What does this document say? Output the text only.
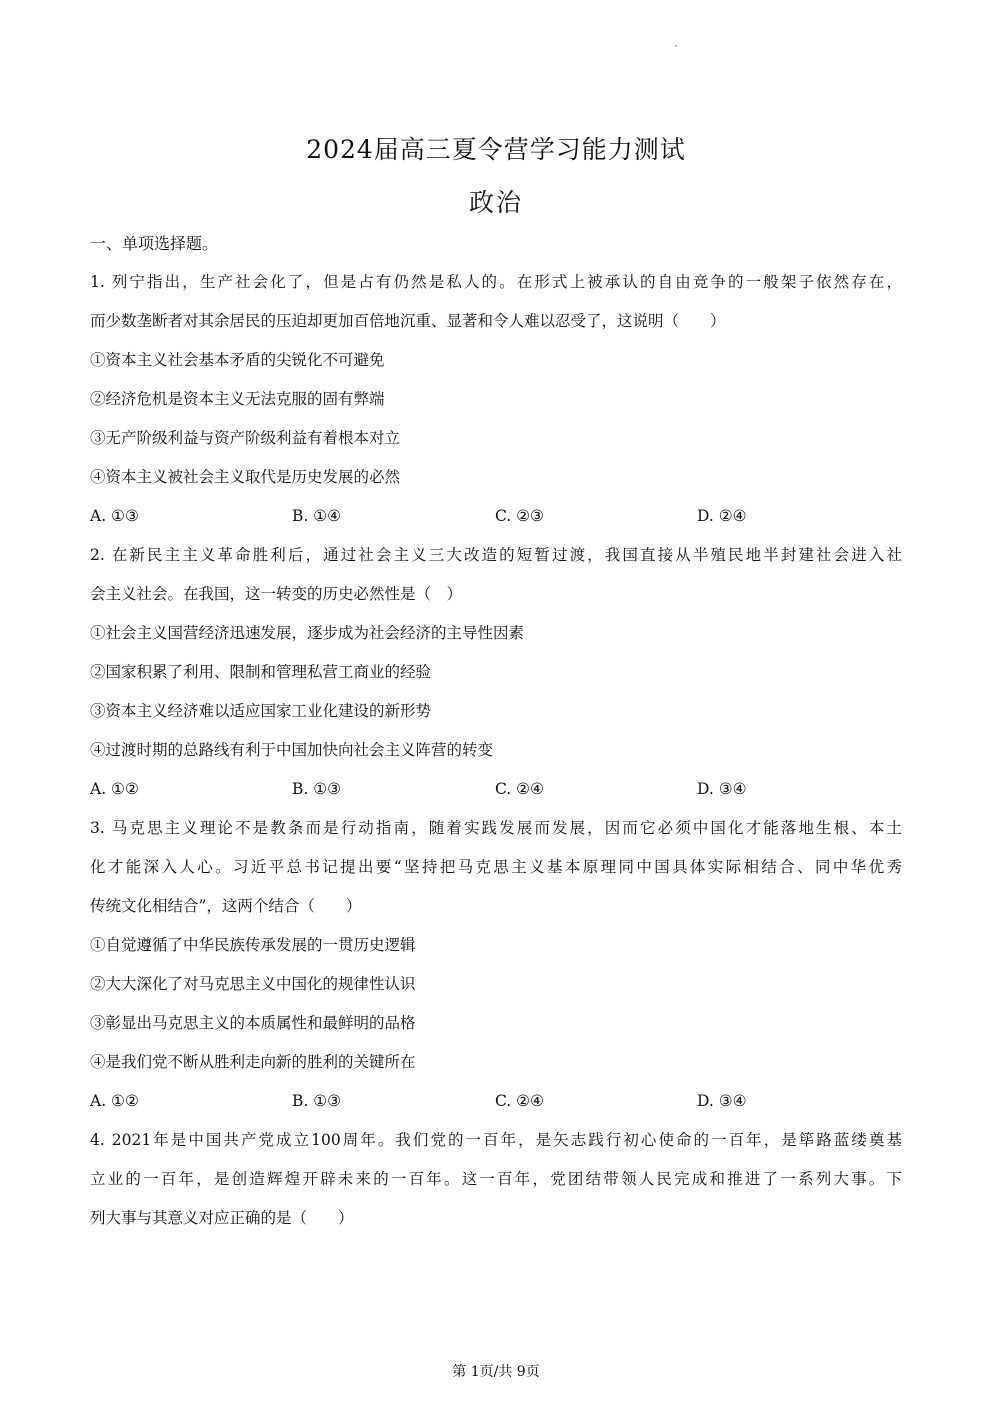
2024届高三夏令营学习能力测试
政治
一、单项选择题。
1. 列宁指出，生产社会化了，但是占有仍然是私人的。在形式上被承认的自由竞争的一般架子依然存在，
而少数垄断者对其余居民的压迫却更加百倍地沉重、显著和令人难以忍受了，这说明（　　）
①资本主义社会基本矛盾的尖锐化不可避免
②经济危机是资本主义无法克服的固有弊端
③无产阶级利益与资产阶级利益有着根本对立
④资本主义被社会主义取代是历史发展的必然
A. ①③	B. ①④	C. ②③	D. ②④
2. 在新民主主义革命胜利后，通过社会主义三大改造的短暂过渡，我国直接从半殖民地半封建社会进入社
会主义社会。在我国，这一转变的历史必然性是（　）
①社会主义国营经济迅速发展，逐步成为社会经济的主导性因素
②国家积累了利用、限制和管理私营工商业的经验
③资本主义经济难以适应国家工业化建设的新形势
④过渡时期的总路线有利于中国加快向社会主义阵营的转变
A. ①②	B. ①③	C. ②④	D. ③④
3. 马克思主义理论不是教条而是行动指南，随着实践发展而发展，因而它必须中国化才能落地生根、本土
化才能深入人心。习近平总书记提出要“坚持把马克思主义基本原理同中国具体实际相结合、同中华优秀
传统文化相结合”，这两个结合（　　）
①自觉遵循了中华民族传承发展的一贯历史逻辑
②大大深化了对马克思主义中国化的规律性认识
③彰显出马克思主义的本质属性和最鲜明的品格
④是我们党不断从胜利走向新的胜利的关键所在
A. ①②	B. ①③	C. ②④	D. ③④
4. 2021年是中国共产党成立100周年。我们党的一百年，是矢志践行初心使命的一百年，是筚路蓝缕奠基
立业的一百年，是创造辉煌开辟未来的一百年。这一百年，党团结带领人民完成和推进了一系列大事。下
列大事与其意义对应正确的是（　　）
第 1页/共 9页
